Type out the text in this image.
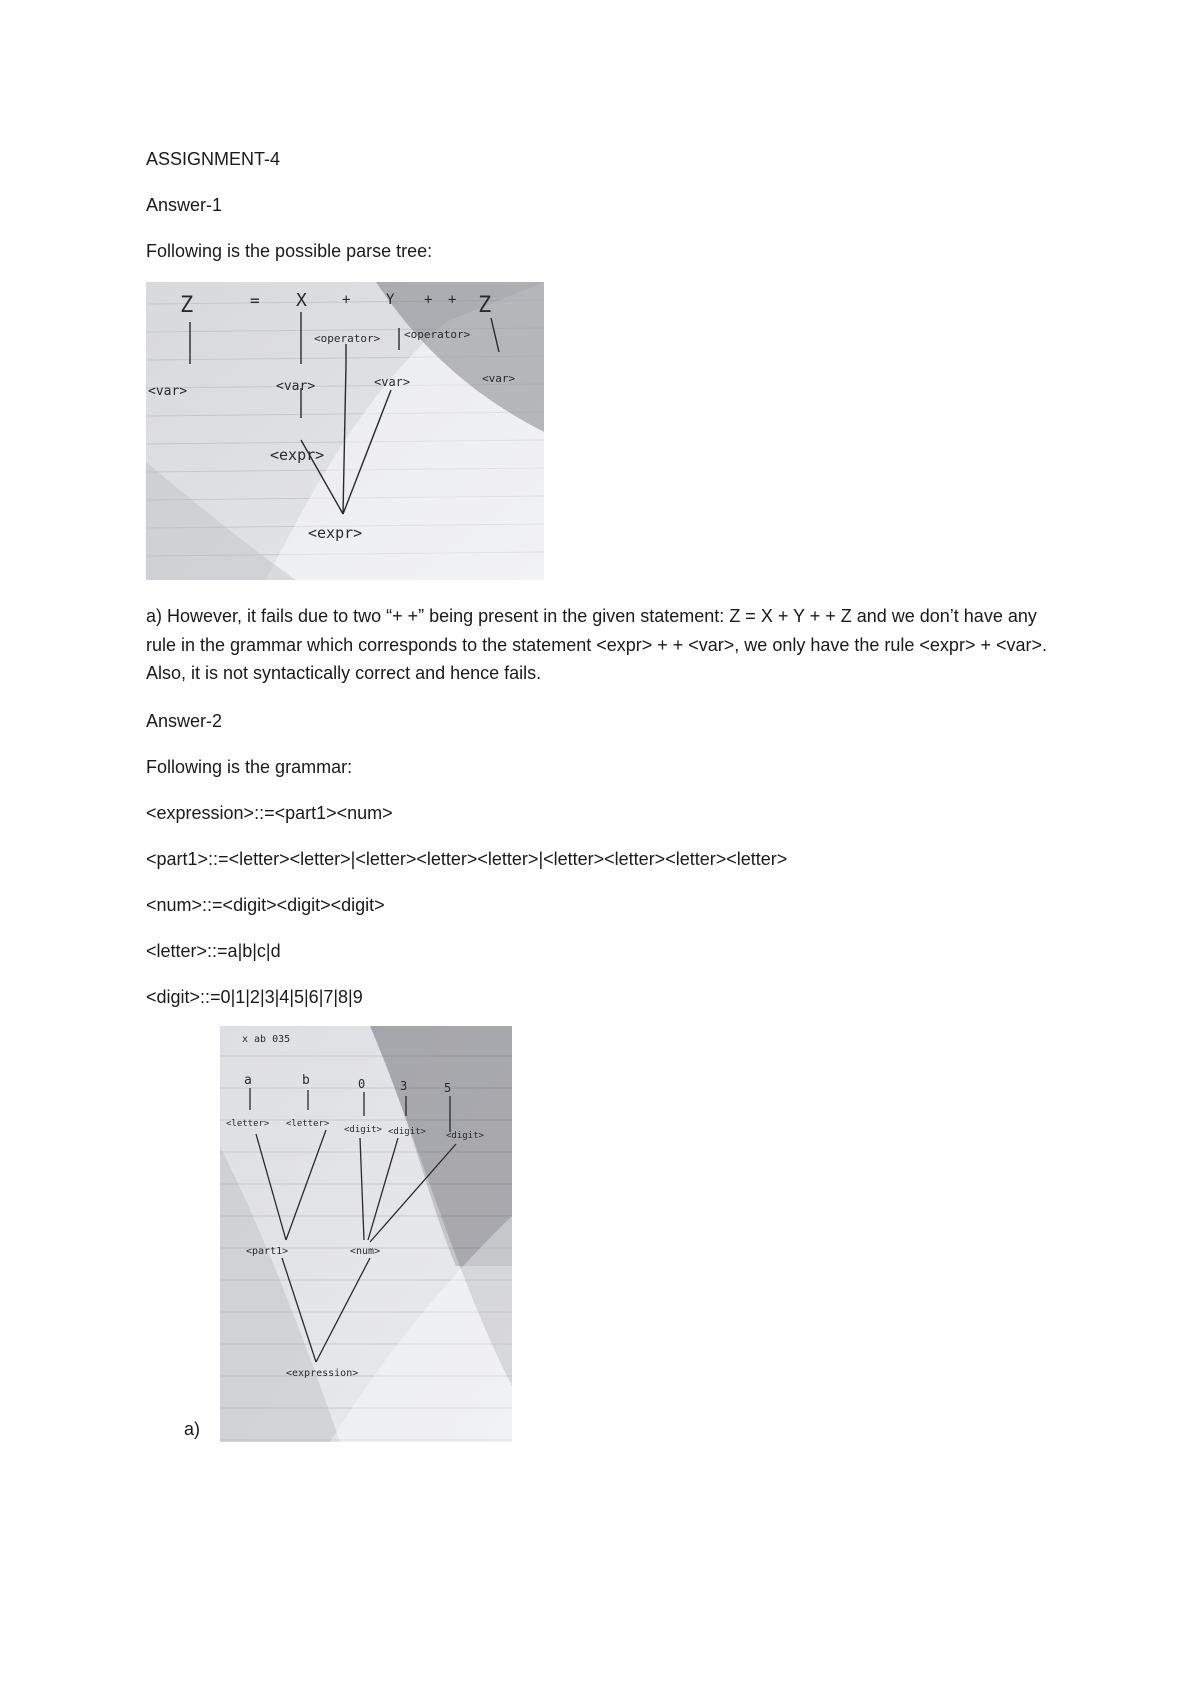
ASSIGNMENT-4

Answer-1

Following is the possible parse tree:

Z	= X	+	Y + + Z
<operator> <operator>
<var>	<var>	<var>	<var>
<expr>
<expr>

a) However, it fails due to two “+ +” being present in the given statement: Z = X + Y + + Z and we don’t have any rule in the grammar which corresponds to the statement <expr> + + <var>, we only have the rule <expr> + <var>. Also, it is not syntactically correct and hence fails.

Answer-2

Following is the grammar:

<expression>::=<part1><num>

<part1>::=<letter><letter>|<letter><letter><letter>|<letter><letter><letter><letter>

<num>::=<digit><digit><digit>

<letter>::=a|b|c|d

<digit>::=0|1|2|3|4|5|6|7|8|9

x ab 035
a	b	0	3	5
<letter> <letter>
<digit> <digit> <digit>
<part1>	<num>
<expression>

a)
